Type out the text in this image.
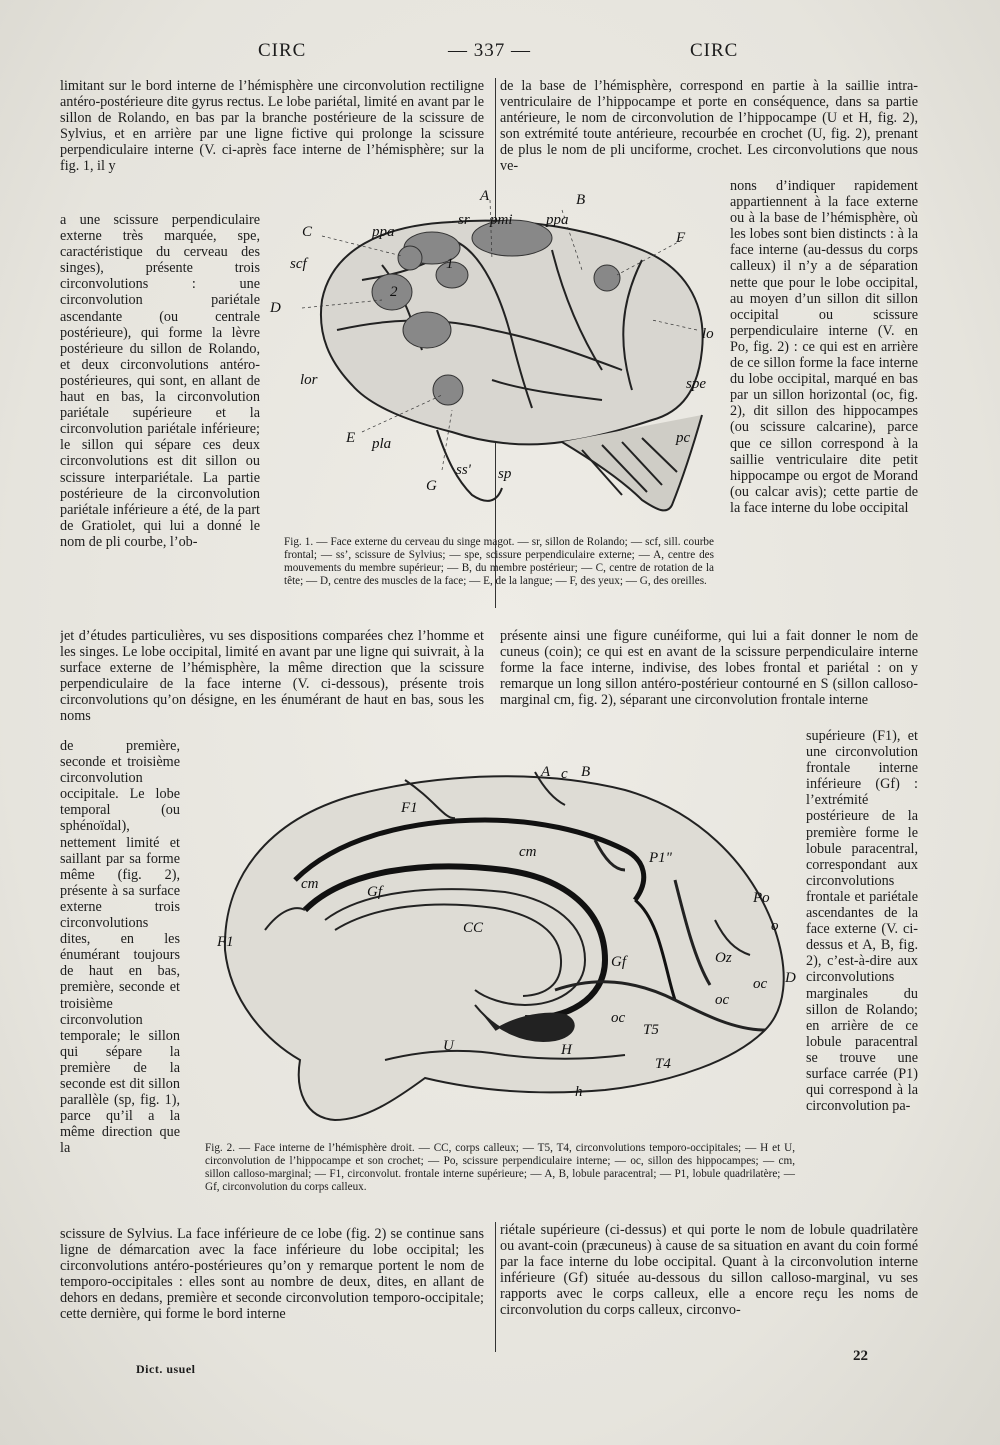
CIRC	— 337 —	CIRC

limitant sur le bord interne de l’hémisphère une circonvolution rectiligne antéro-postérieure dite gyrus rectus. Le lobe pariétal, limité en avant par le sillon de Rolando, en bas par la branche postérieure de la scissure de Sylvius, et en arrière par une ligne fictive qui prolonge la scissure perpendiculaire interne (V. ci-après face interne de l’hémisphère; sur la fig. 1, il y

a une scissure perpendiculaire externe très marquée, spe, caractéristique du cerveau des singes), présente trois circonvolutions : une circonvolution pariétale ascendante (ou centrale postérieure), qui forme la lèvre postérieure du sillon de Rolando, et deux circonvolutions antéro-postérieures, qui sont, en allant de haut en bas, la circonvolution pariétale supérieure et la circonvolution pariétale inférieure; le sillon qui sépare ces deux circonvolutions est dit sillon ou scissure interpariétale. La partie postérieure de la circonvolution pariétale inférieure a été, de la part de Gratiolet, qui lui a donné le nom de pli courbe, l’ob-

jet d’études particulières, vu ses dispositions comparées chez l’homme et les singes. Le lobe occipital, limité en avant par une ligne qui suivrait, à la surface externe de l’hémisphère, la même direction que la scissure perpendiculaire de la face interne (V. ci-dessous), présente trois circonvolutions qu’on désigne, en les énumérant de haut en bas, sous les noms

de première, seconde et troisième circonvolution occipitale. Le lobe temporal (ou sphénoïdal), nettement limité et saillant par sa forme même (fig. 2), présente à sa surface externe trois circonvolutions dites, en les énumérant toujours de haut en bas, première, seconde et troisième circonvolution temporale; le sillon qui sépare la première de la seconde est dit sillon parallèle (sp, fig. 1), parce qu’il a la même direction que la

scissure de Sylvius. La face inférieure de ce lobe (fig. 2) se continue sans ligne de démarcation avec la face inférieure du lobe occipital; les circonvolutions antéro-postérieures qu’on y remarque portent le nom de temporo-occipitales : elles sont au nombre de deux, dites, en allant de dehors en dedans, première et seconde circonvolution temporo-occipitale; cette dernière, qui forme le bord interne

de la base de l’hémisphère, correspond en partie à la saillie intra-ventriculaire de l’hippocampe et porte en conséquence, dans sa partie antérieure, le nom de circonvolution de l’hippocampe (U et H, fig. 2), son extrémité toute antérieure, recourbée en crochet (U, fig. 2), prenant de plus le nom de pli unciforme, crochet. Les circonvolutions que nous ve-

nons d’indiquer rapidement appartiennent à la face externe ou à la base de l’hémisphère, où les lobes sont bien distincts : à la face interne (au-dessus du corps calleux) il n’y a de séparation nette que pour le lobe occipital, au moyen d’un sillon dit sillon occipital ou scissure perpendiculaire interne (V. en Po, fig. 2) : ce qui est en arrière de ce sillon forme la face interne du lobe occipital, marqué en bas par un sillon horizontal (oc, fig. 2), dit sillon des hippocampes (ou scissure calcarine), parce que ce sillon correspond à la saillie ventriculaire dite petit hippocampe ou ergot de Morand (ou calcar avis); cette partie de la face interne du lobe occipital

présente ainsi une figure cunéiforme, qui lui a fait donner le nom de cuneus (coin); ce qui est en avant de la scissure perpendiculaire interne forme la face interne, indivise, des lobes frontal et pariétal : on y remarque un long sillon antéro-postérieur contourné en S (sillon calloso-marginal cm, fig. 2), séparant une circonvolution frontale interne

supérieure (F1), et une circonvolution frontale interne inférieure (Gf) : l’extrémité postérieure de la première forme le lobule paracentral, correspondant aux circonvolutions frontale et pariétale ascendantes de la face externe (V. ci-dessus et A, B, fig. 2), c’est-à-dire aux circonvolutions marginales du sillon de Rolando; en arrière de ce lobule paracentral se trouve une surface carrée (P1) qui correspond à la circonvolution pa-

riétale supérieure (ci-dessus) et qui porte le nom de lobule quadrilatère ou avant-coin (præcuneus) à cause de sa situation en avant du coin formé par la face interne du lobe occipital. Quant à la circonvolution interne inférieure (Gf) située au-dessous du sillon calloso-marginal, vu ses rapports avec le corps calleux, elle a encore reçu les noms de circonvolution du corps calleux, circonvo-

A	B
C
D
E
F
G
sr pmi ppa
ppa
scf	1
2
lo
lor	spe
pla
ss' sp
pc

Fig. 1. — Face externe du cerveau du singe magot. — sr, sillon de Rolando; — scf, sill. courbe frontal; — ss’, scissure de Sylvius; — spe, scissure perpendiculaire externe; — A, centre des mouvements du membre supérieur; — B, du membre postérieur; — C, centre de rotation de la tête; — D, centre des muscles de la face; — E, de la langue; — F, des yeux; — G, des oreilles.

A c B
F1
F1
cm
cm
Gf
Gf
CC
P1"
Po
o
Oz
oc
oc
oc
D
T5
T4
U	H
h

Fig. 2. — Face interne de l’hémisphère droit. — CC, corps calleux; — T5, T4, circonvolutions temporo-occipitales; — H et U, circonvolution de l’hippocampe et son crochet; — Po, scissure perpendiculaire interne; — oc, sillon des hippocampes; — cm, sillon calloso-marginal; — F1, circonvolut. frontale interne supérieure; — A, B, lobule paracentral; — P1, lobule quadrilatère; — Gf, circonvolution du corps calleux.

Dict. usuel
22
